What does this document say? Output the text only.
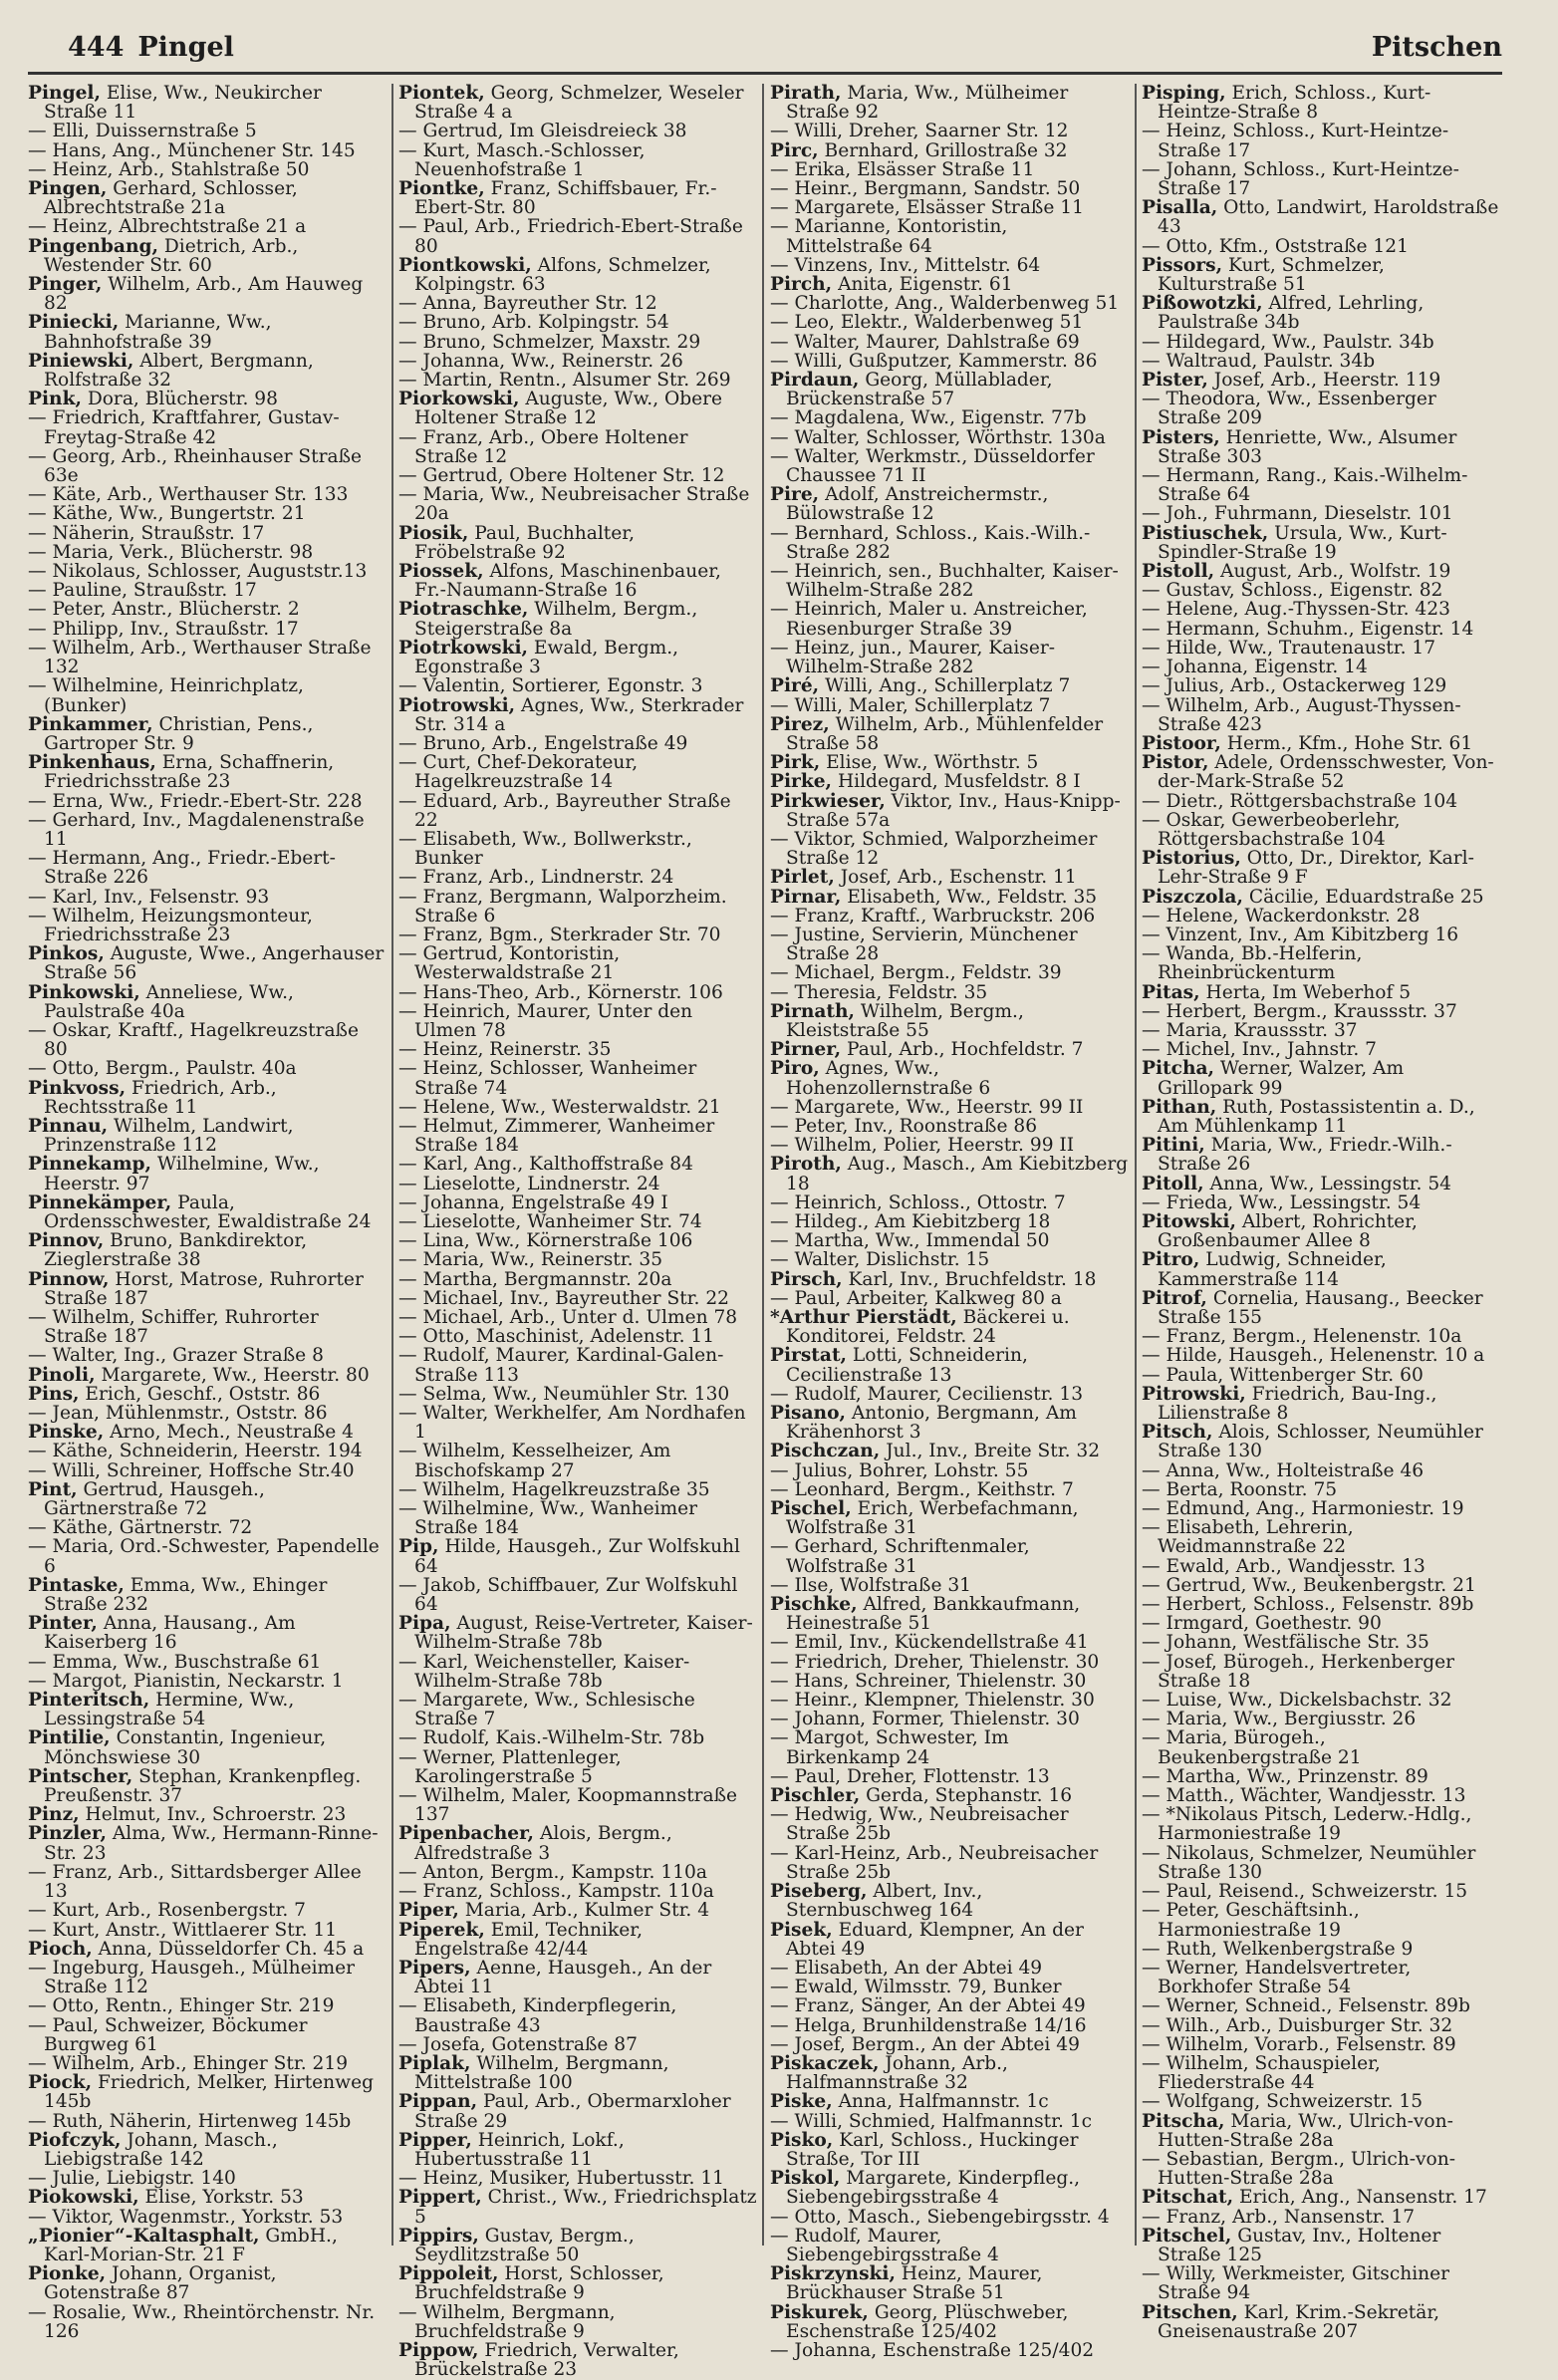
444 Pingel	Pitschen

Pingel, Elise, Ww., Neukircher Straße 11

— Elli, Duissernstraße 5

— Hans, Ang., Münchener Str. 145

— Heinz, Arb., Stahlstraße 50

Pingen, Gerhard, Schlosser, Albrechtstraße 21a

— Heinz, Albrechtstraße 21 a

Pingenbang, Dietrich, Arb., Westender Str. 60

Pinger, Wilhelm, Arb., Am Hauweg 82

Piniecki, Marianne, Ww., Bahnhofstraße 39

Piniewski, Albert, Bergmann, Rolfstraße 32

Pink, Dora, Blücherstr. 98

— Friedrich, Kraftfahrer, Gustav-Freytag-Straße 42

— Georg, Arb., Rheinhauser Straße 63e

— Käte, Arb., Werthauser Str. 133

— Käthe, Ww., Bungertstr. 21

— Näherin, Straußstr. 17

— Maria, Verk., Blücherstr. 98

— Nikolaus, Schlosser, Auguststr.13

— Pauline, Straußstr. 17

— Peter, Anstr., Blücherstr. 2

— Philipp, Inv., Straußstr. 17

— Wilhelm, Arb., Werthauser Straße 132

— Wilhelmine, Heinrichplatz, (Bunker)

Pinkammer, Christian, Pens., Gartroper Str. 9

Pinkenhaus, Erna, Schaffnerin, Friedrichsstraße 23

— Erna, Ww., Friedr.-Ebert-Str. 228

— Gerhard, Inv., Magdalenenstraße 11

— Hermann, Ang., Friedr.-Ebert-Straße 226

— Karl, Inv., Felsenstr. 93

— Wilhelm, Heizungsmonteur, Friedrichsstraße 23

Pinkos, Auguste, Wwe., Angerhauser Straße 56

Pinkowski, Anneliese, Ww., Paulstraße 40a

— Oskar, Kraftf., Hagelkreuzstraße 80

— Otto, Bergm., Paulstr. 40a

Pinkvoss, Friedrich, Arb., Rechtsstraße 11

Pinnau, Wilhelm, Landwirt, Prinzenstraße 112

Pinnekamp, Wilhelmine, Ww., Heerstr. 97

Pinnekämper, Paula, Ordensschwester, Ewaldistraße 24

Pinnov, Bruno, Bankdirektor, Zieglerstraße 38

Pinnow, Horst, Matrose, Ruhrorter Straße 187

— Wilhelm, Schiffer, Ruhrorter Straße 187

— Walter, Ing., Grazer Straße 8

Pinoli, Margarete, Ww., Heerstr. 80

Pins, Erich, Geschf., Oststr. 86

— Jean, Mühlenmstr., Oststr. 86

Pinske, Arno, Mech., Neustraße 4

— Käthe, Schneiderin, Heerstr. 194

— Willi, Schreiner, Hoffsche Str.40

Pint, Gertrud, Hausgeh., Gärtnerstraße 72

— Käthe, Gärtnerstr. 72

— Maria, Ord.-Schwester, Papendelle 6

Pintaske, Emma, Ww., Ehinger Straße 232

Pinter, Anna, Hausang., Am Kaiserberg 16

— Emma, Ww., Buschstraße 61

— Margot, Pianistin, Neckarstr. 1

Pinteritsch, Hermine, Ww., Lessingstraße 54

Pintilie, Constantin, Ingenieur, Mönchswiese 30

Pintscher, Stephan, Krankenpfleg. Preußenstr. 37

Pinz, Helmut, Inv., Schroerstr. 23

Pinzler, Alma, Ww., Hermann-Rinne-Str. 23

— Franz, Arb., Sittardsberger Allee 13

— Kurt, Arb., Rosenbergstr. 7

— Kurt, Anstr., Wittlaerer Str. 11

Pioch, Anna, Düsseldorfer Ch. 45 a

— Ingeburg, Hausgeh., Mülheimer Straße 112

— Otto, Rentn., Ehinger Str. 219

— Paul, Schweizer, Böckumer Burgweg 61

— Wilhelm, Arb., Ehinger Str. 219

Piock, Friedrich, Melker, Hirtenweg 145b

— Ruth, Näherin, Hirtenweg 145b

Piofczyk, Johann, Masch., Liebigstraße 142

— Julie, Liebigstr. 140

Piokowski, Elise, Yorkstr. 53

— Viktor, Wagenmstr., Yorkstr. 53

„Pionier“-Kaltasphalt, GmbH., Karl-Morian-Str. 21 F

Pionke, Johann, Organist, Gotenstraße 87

— Rosalie, Ww., Rheintörchenstr. Nr. 126

Piontek, Georg, Schmelzer, Weseler Straße 4 a

— Gertrud, Im Gleisdreieck 38

— Kurt, Masch.-Schlosser, Neuenhofstraße 1

Piontke, Franz, Schiffsbauer, Fr.-Ebert-Str. 80

— Paul, Arb., Friedrich-Ebert-Straße 80

Piontkowski, Alfons, Schmelzer, Kolpingstr. 63

— Anna, Bayreuther Str. 12

— Bruno, Arb. Kolpingstr. 54

— Bruno, Schmelzer, Maxstr. 29

— Johanna, Ww., Reinerstr. 26

— Martin, Rentn., Alsumer Str. 269

Piorkowski, Auguste, Ww., Obere Holtener Straße 12

— Franz, Arb., Obere Holtener Straße 12

— Gertrud, Obere Holtener Str. 12

— Maria, Ww., Neubreisacher Straße 20a

Piosik, Paul, Buchhalter, Fröbelstraße 92

Piossek, Alfons, Maschinenbauer, Fr.-Naumann-Straße 16

Piotraschke, Wilhelm, Bergm., Steigerstraße 8a

Piotrkowski, Ewald, Bergm., Egonstraße 3

— Valentin, Sortierer, Egonstr. 3

Piotrowski, Agnes, Ww., Sterkrader Str. 314 a

— Bruno, Arb., Engelstraße 49

— Curt, Chef-Dekorateur, Hagelkreuzstraße 14

— Eduard, Arb., Bayreuther Straße 22

— Elisabeth, Ww., Bollwerkstr., Bunker

— Franz, Arb., Lindnerstr. 24

— Franz, Bergmann, Walporzheim. Straße 6

— Franz, Bgm., Sterkrader Str. 70

— Gertrud, Kontoristin, Westerwaldstraße 21

— Hans-Theo, Arb., Körnerstr. 106

— Heinrich, Maurer, Unter den Ulmen 78

— Heinz, Reinerstr. 35

— Heinz, Schlosser, Wanheimer Straße 74

— Helene, Ww., Westerwaldstr. 21

— Helmut, Zimmerer, Wanheimer Straße 184

— Karl, Ang., Kalthoffstraße 84

— Lieselotte, Lindnerstr. 24

— Johanna, Engelstraße 49 I

— Lieselotte, Wanheimer Str. 74

— Lina, Ww., Körnerstraße 106

— Maria, Ww., Reinerstr. 35

— Martha, Bergmannstr. 20a

— Michael, Inv., Bayreuther Str. 22

— Michael, Arb., Unter d. Ulmen 78

— Otto, Maschinist, Adelenstr. 11

— Rudolf, Maurer, Kardinal-Galen-Straße 113

— Selma, Ww., Neumühler Str. 130

— Walter, Werkhelfer, Am Nordhafen 1

— Wilhelm, Kesselheizer, Am Bischofskamp 27

— Wilhelm, Hagelkreuzstraße 35

— Wilhelmine, Ww., Wanheimer Straße 184

Pip, Hilde, Hausgeh., Zur Wolfskuhl 64

— Jakob, Schiffbauer, Zur Wolfskuhl 64

Pipa, August, Reise-Vertreter, Kaiser-Wilhelm-Straße 78b

— Karl, Weichensteller, Kaiser-Wilhelm-Straße 78b

— Margarete, Ww., Schlesische Straße 7

— Rudolf, Kais.-Wilhelm-Str. 78b

— Werner, Plattenleger, Karolingerstraße 5

— Wilhelm, Maler, Koopmannstraße 137

Pipenbacher, Alois, Bergm., Alfredstraße 3

— Anton, Bergm., Kampstr. 110a

— Franz, Schloss., Kampstr. 110a

Piper, Maria, Arb., Kulmer Str. 4

Piperek, Emil, Techniker, Engelstraße 42/44

Pipers, Aenne, Hausgeh., An der Abtei 11

— Elisabeth, Kinderpflegerin, Baustraße 43

— Josefa, Gotenstraße 87

Piplak, Wilhelm, Bergmann, Mittelstraße 100

Pippan, Paul, Arb., Obermarxloher Straße 29

Pipper, Heinrich, Lokf., Hubertusstraße 11

— Heinz, Musiker, Hubertusstr. 11

Pippert, Christ., Ww., Friedrichsplatz 5

Pippirs, Gustav, Bergm., Seydlitzstraße 50

Pippoleit, Horst, Schlosser, Bruchfeldstraße 9

— Wilhelm, Bergmann, Bruchfeldstraße 9

Pippow, Friedrich, Verwalter, Brückelstraße 23

Pirath, Maria, Ww., Mülheimer Straße 92

— Willi, Dreher, Saarner Str. 12

Pirc, Bernhard, Grillostraße 32

— Erika, Elsässer Straße 11

— Heinr., Bergmann, Sandstr. 50

— Margarete, Elsässer Straße 11

— Marianne, Kontoristin, Mittelstraße 64

— Vinzens, Inv., Mittelstr. 64

Pirch, Anita, Eigenstr. 61

— Charlotte, Ang., Walderbenweg 51

— Leo, Elektr., Walderbenweg 51

— Walter, Maurer, Dahlstraße 69

— Willi, Gußputzer, Kammerstr. 86

Pirdaun, Georg, Müllablader, Brückenstraße 57

— Magdalena, Ww., Eigenstr. 77b

— Walter, Schlosser, Wörthstr. 130a

— Walter, Werkmstr., Düsseldorfer Chaussee 71 II

Pire, Adolf, Anstreichermstr., Bülowstraße 12

— Bernhard, Schloss., Kais.-Wilh.-Straße 282

— Heinrich, sen., Buchhalter, Kaiser-Wilhelm-Straße 282

— Heinrich, Maler u. Anstreicher, Riesenburger Straße 39

— Heinz, jun., Maurer, Kaiser-Wilhelm-Straße 282

Piré, Willi, Ang., Schillerplatz 7

— Willi, Maler, Schillerplatz 7

Pirez, Wilhelm, Arb., Mühlenfelder Straße 58

Pirk, Elise, Ww., Wörthstr. 5

Pirke, Hildegard, Musfeldstr. 8 I

Pirkwieser, Viktor, Inv., Haus-Knipp-Straße 57a

— Viktor, Schmied, Walporzheimer Straße 12

Pirlet, Josef, Arb., Eschenstr. 11

Pirnar, Elisabeth, Ww., Feldstr. 35

— Franz, Kraftf., Warbruckstr. 206

— Justine, Servierin, Münchener Straße 28

— Michael, Bergm., Feldstr. 39

— Theresia, Feldstr. 35

Pirnath, Wilhelm, Bergm., Kleiststraße 55

Pirner, Paul, Arb., Hochfeldstr. 7

Piro, Agnes, Ww., Hohenzollernstraße 6

— Margarete, Ww., Heerstr. 99 II

— Peter, Inv., Roonstraße 86

— Wilhelm, Polier, Heerstr. 99 II

Piroth, Aug., Masch., Am Kiebitzberg 18

— Heinrich, Schloss., Ottostr. 7

— Hildeg., Am Kiebitzberg 18

— Martha, Ww., Immendal 50

— Walter, Dislichstr. 15

Pirsch, Karl, Inv., Bruchfeldstr. 18

— Paul, Arbeiter, Kalkweg 80 a

*Arthur Pierstädt, Bäckerei u. Konditorei, Feldstr. 24

Pirstat, Lotti, Schneiderin, Cecilienstraße 13

— Rudolf, Maurer, Cecilienstr. 13

Pisano, Antonio, Bergmann, Am Krähenhorst 3

Pischczan, Jul., Inv., Breite Str. 32

— Julius, Bohrer, Lohstr. 55

— Leonhard, Bergm., Keithstr. 7

Pischel, Erich, Werbefachmann, Wolfstraße 31

— Gerhard, Schriftenmaler, Wolfstraße 31

— Ilse, Wolfstraße 31

Pischke, Alfred, Bankkaufmann, Heinestraße 51

— Emil, Inv., Kückendellstraße 41

— Friedrich, Dreher, Thielenstr. 30

— Hans, Schreiner, Thielenstr. 30

— Heinr., Klempner, Thielenstr. 30

— Johann, Former, Thielenstr. 30

— Margot, Schwester, Im Birkenkamp 24

— Paul, Dreher, Flottenstr. 13

Pischler, Gerda, Stephanstr. 16

— Hedwig, Ww., Neubreisacher Straße 25b

— Karl-Heinz, Arb., Neubreisacher Straße 25b

Piseberg, Albert, Inv., Sternbuschweg 164

Pisek, Eduard, Klempner, An der Abtei 49

— Elisabeth, An der Abtei 49

— Ewald, Wilmsstr. 79, Bunker

— Franz, Sänger, An der Abtei 49

— Helga, Brunhildenstraße 14/16

— Josef, Bergm., An der Abtei 49

Piskaczek, Johann, Arb., Halfmannstraße 32

Piske, Anna, Halfmannstr. 1c

— Willi, Schmied, Halfmannstr. 1c

Pisko, Karl, Schloss., Huckinger Straße, Tor III

Piskol, Margarete, Kinderpfleg., Siebengebirgsstraße 4

— Otto, Masch., Siebengebirgsstr. 4

— Rudolf, Maurer, Siebengebirgsstraße 4

Piskrzynski, Heinz, Maurer, Brückhauser Straße 51

Piskurek, Georg, Plüschweber, Eschenstraße 125/402

— Johanna, Eschenstraße 125/402

Pisping, Erich, Schloss., Kurt-Heintze-Straße 8

— Heinz, Schloss., Kurt-Heintze-Straße 17

— Johann, Schloss., Kurt-Heintze-Straße 17

Pisalla, Otto, Landwirt, Haroldstraße 43

— Otto, Kfm., Oststraße 121

Pissors, Kurt, Schmelzer, Kulturstraße 51

Pißowotzki, Alfred, Lehrling, Paulstraße 34b

— Hildegard, Ww., Paulstr. 34b

— Waltraud, Paulstr. 34b

Pister, Josef, Arb., Heerstr. 119

— Theodora, Ww., Essenberger Straße 209

Pisters, Henriette, Ww., Alsumer Straße 303

— Hermann, Rang., Kais.-Wilhelm-Straße 64

— Joh., Fuhrmann, Dieselstr. 101

Pistiuschek, Ursula, Ww., Kurt-Spindler-Straße 19

Pistoll, August, Arb., Wolfstr. 19

— Gustav, Schloss., Eigenstr. 82

— Helene, Aug.-Thyssen-Str. 423

— Hermann, Schuhm., Eigenstr. 14

— Hilde, Ww., Trautenaustr. 17

— Johanna, Eigenstr. 14

— Julius, Arb., Ostackerweg 129

— Wilhelm, Arb., August-Thyssen-Straße 423

Pistoor, Herm., Kfm., Hohe Str. 61

Pistor, Adele, Ordensschwester, Von-der-Mark-Straße 52

— Dietr., Röttgersbachstraße 104

— Oskar, Gewerbeoberlehr, Röttgersbachstraße 104

Pistorius, Otto, Dr., Direktor, Karl-Lehr-Straße 9 F

Piszczola, Cäcilie, Eduardstraße 25

— Helene, Wackerdonkstr. 28

— Vinzent, Inv., Am Kibitzberg 16

— Wanda, Bb.-Helferin, Rheinbrückenturm

Pitas, Herta, Im Weberhof 5

— Herbert, Bergm., Kraussstr. 37

— Maria, Kraussstr. 37

— Michel, Inv., Jahnstr. 7

Pitcha, Werner, Walzer, Am Grillopark 99

Pithan, Ruth, Postassistentin a. D., Am Mühlenkamp 11

Pitini, Maria, Ww., Friedr.-Wilh.-Straße 26

Pitoll, Anna, Ww., Lessingstr. 54

— Frieda, Ww., Lessingstr. 54

Pitowski, Albert, Rohrichter, Großenbaumer Allee 8

Pitro, Ludwig, Schneider, Kammerstraße 114

Pitrof, Cornelia, Hausang., Beecker Straße 155

— Franz, Bergm., Helenenstr. 10a

— Hilde, Hausgeh., Helenenstr. 10 a

— Paula, Wittenberger Str. 60

Pitrowski, Friedrich, Bau-Ing., Lilienstraße 8

Pitsch, Alois, Schlosser, Neumühler Straße 130

— Anna, Ww., Holteistraße 46

— Berta, Roonstr. 75

— Edmund, Ang., Harmoniestr. 19

— Elisabeth, Lehrerin, Weidmannstraße 22

— Ewald, Arb., Wandjesstr. 13

— Gertrud, Ww., Beukenbergstr. 21

— Herbert, Schloss., Felsenstr. 89b

— Irmgard, Goethestr. 90

— Johann, Westfälische Str. 35

— Josef, Bürogeh., Herkenberger Straße 18

— Luise, Ww., Dickelsbachstr. 32

— Maria, Ww., Bergiusstr. 26

— Maria, Bürogeh., Beukenbergstraße 21

— Martha, Ww., Prinzenstr. 89

— Matth., Wächter, Wandjesstr. 13

— *Nikolaus Pitsch, Lederw.-Hdlg., Harmoniestraße 19

— Nikolaus, Schmelzer, Neumühler Straße 130

— Paul, Reisend., Schweizerstr. 15

— Peter, Geschäftsinh., Harmoniestraße 19

— Ruth, Welkenbergstraße 9

— Werner, Handelsvertreter, Borkhofer Straße 54

— Werner, Schneid., Felsenstr. 89b

— Wilh., Arb., Duisburger Str. 32

— Wilhelm, Vorarb., Felsenstr. 89

— Wilhelm, Schauspieler, Fliederstraße 44

— Wolfgang, Schweizerstr. 15

Pitscha, Maria, Ww., Ulrich-von-Hutten-Straße 28a

— Sebastian, Bergm., Ulrich-von-Hutten-Straße 28a

Pitschat, Erich, Ang., Nansenstr. 17

— Franz, Arb., Nansenstr. 17

Pitschel, Gustav, Inv., Holtener Straße 125

— Willy, Werkmeister, Gitschiner Straße 94

Pitschen, Karl, Krim.-Sekretär, Gneisenaustraße 207
